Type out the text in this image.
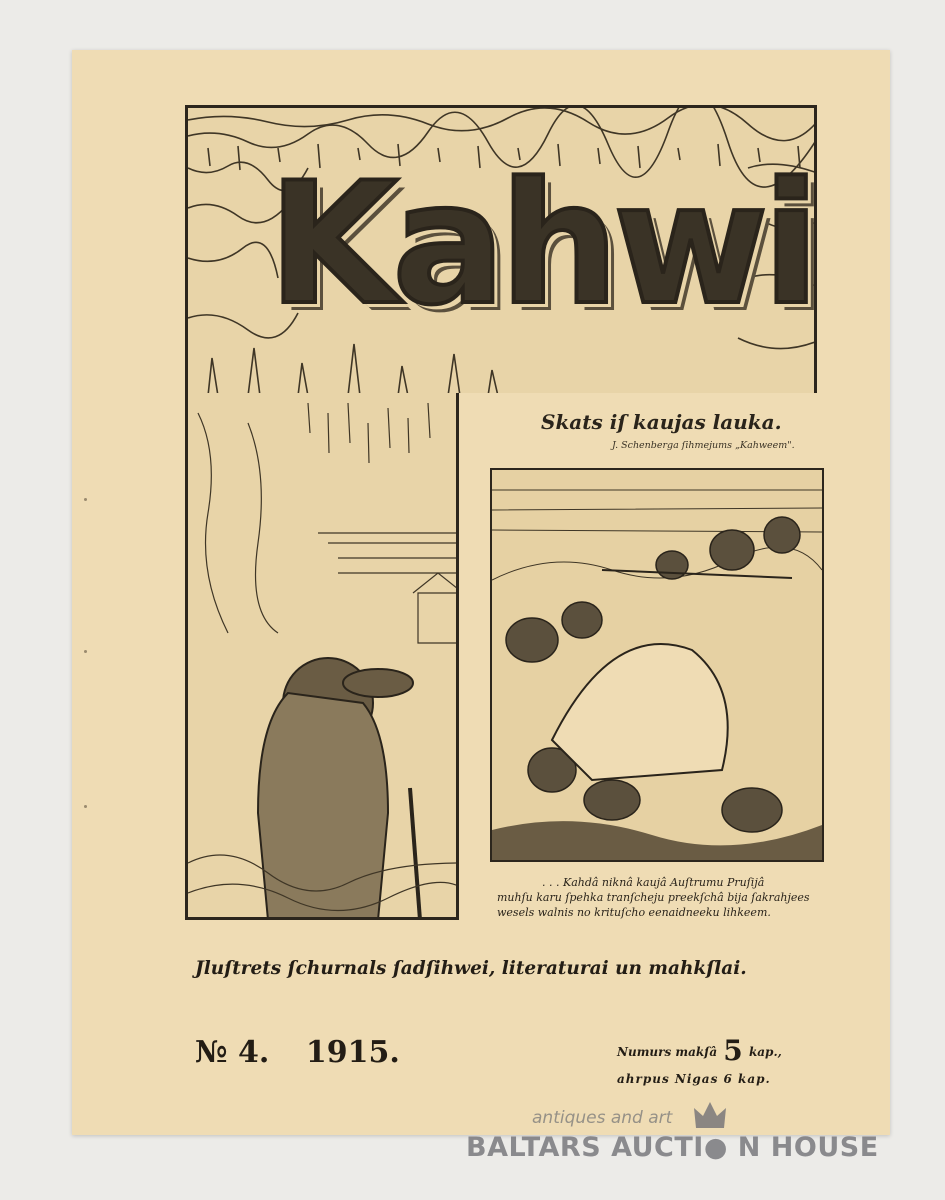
Kahwi
Skats iſ kaujas lauka.
J. Schenberga ſihmejums „Kahweem".
. . . Kahdâ niknâ kaujâ Auſtrumu Pruſijâ
muhſu karu ſpehka tranſcheju preekſchâ bija ſakrahjees
wesels walnis no krituſcho eenaidneeku lihkeem.
Jluſtrets ſchurnals ſadſihwei, literaturai un mahkſlai.
№ 4. 1915.	Numurs makſâ 5 kap.,
ahrpus Nigas 6 kap.
antiques and art
BALTARS AUCTI● N HOUSE
